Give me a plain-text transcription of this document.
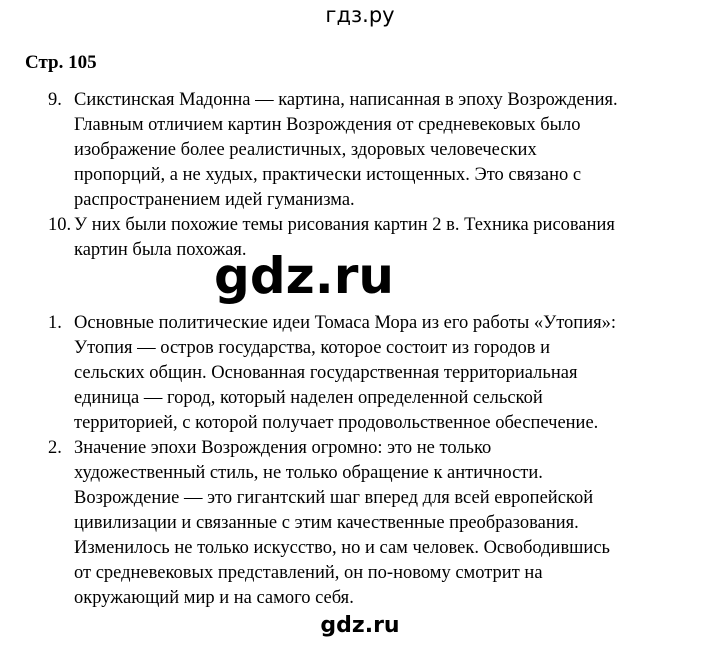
гдз.ру
Стр. 105
9. Сикстинская Мадонна — картина, написанная в эпоху Возрождения.
Главным отличием картин Возрождения от средневековых было
изображение более реалистичных, здоровых человеческих
пропорций, а не худых, практически истощенных. Это связано с
распространением идей гуманизма.
10. У них были похожие темы рисования картин 2 в. Техника рисования
картин была похожая.
gdz.ru
1. Основные политические идеи Томаса Мора из его работы «Утопия»:
Утопия — остров государства, которое состоит из городов и
сельских общин. Основанная государственная территориальная
единица — город, который наделен определенной сельской
территорией, с которой получает продовольственное обеспечение.
2. Значение эпохи Возрождения огромно: это не только
художественный стиль, не только обращение к античности.
Возрождение — это гигантский шаг вперед для всей европейской
цивилизации и связанные с этим качественные преобразования.
Изменилось не только искусство, но и сам человек. Освободившись
от средневековых представлений, он по-новому смотрит на
окружающий мир и на самого себя.
gdz.ru
